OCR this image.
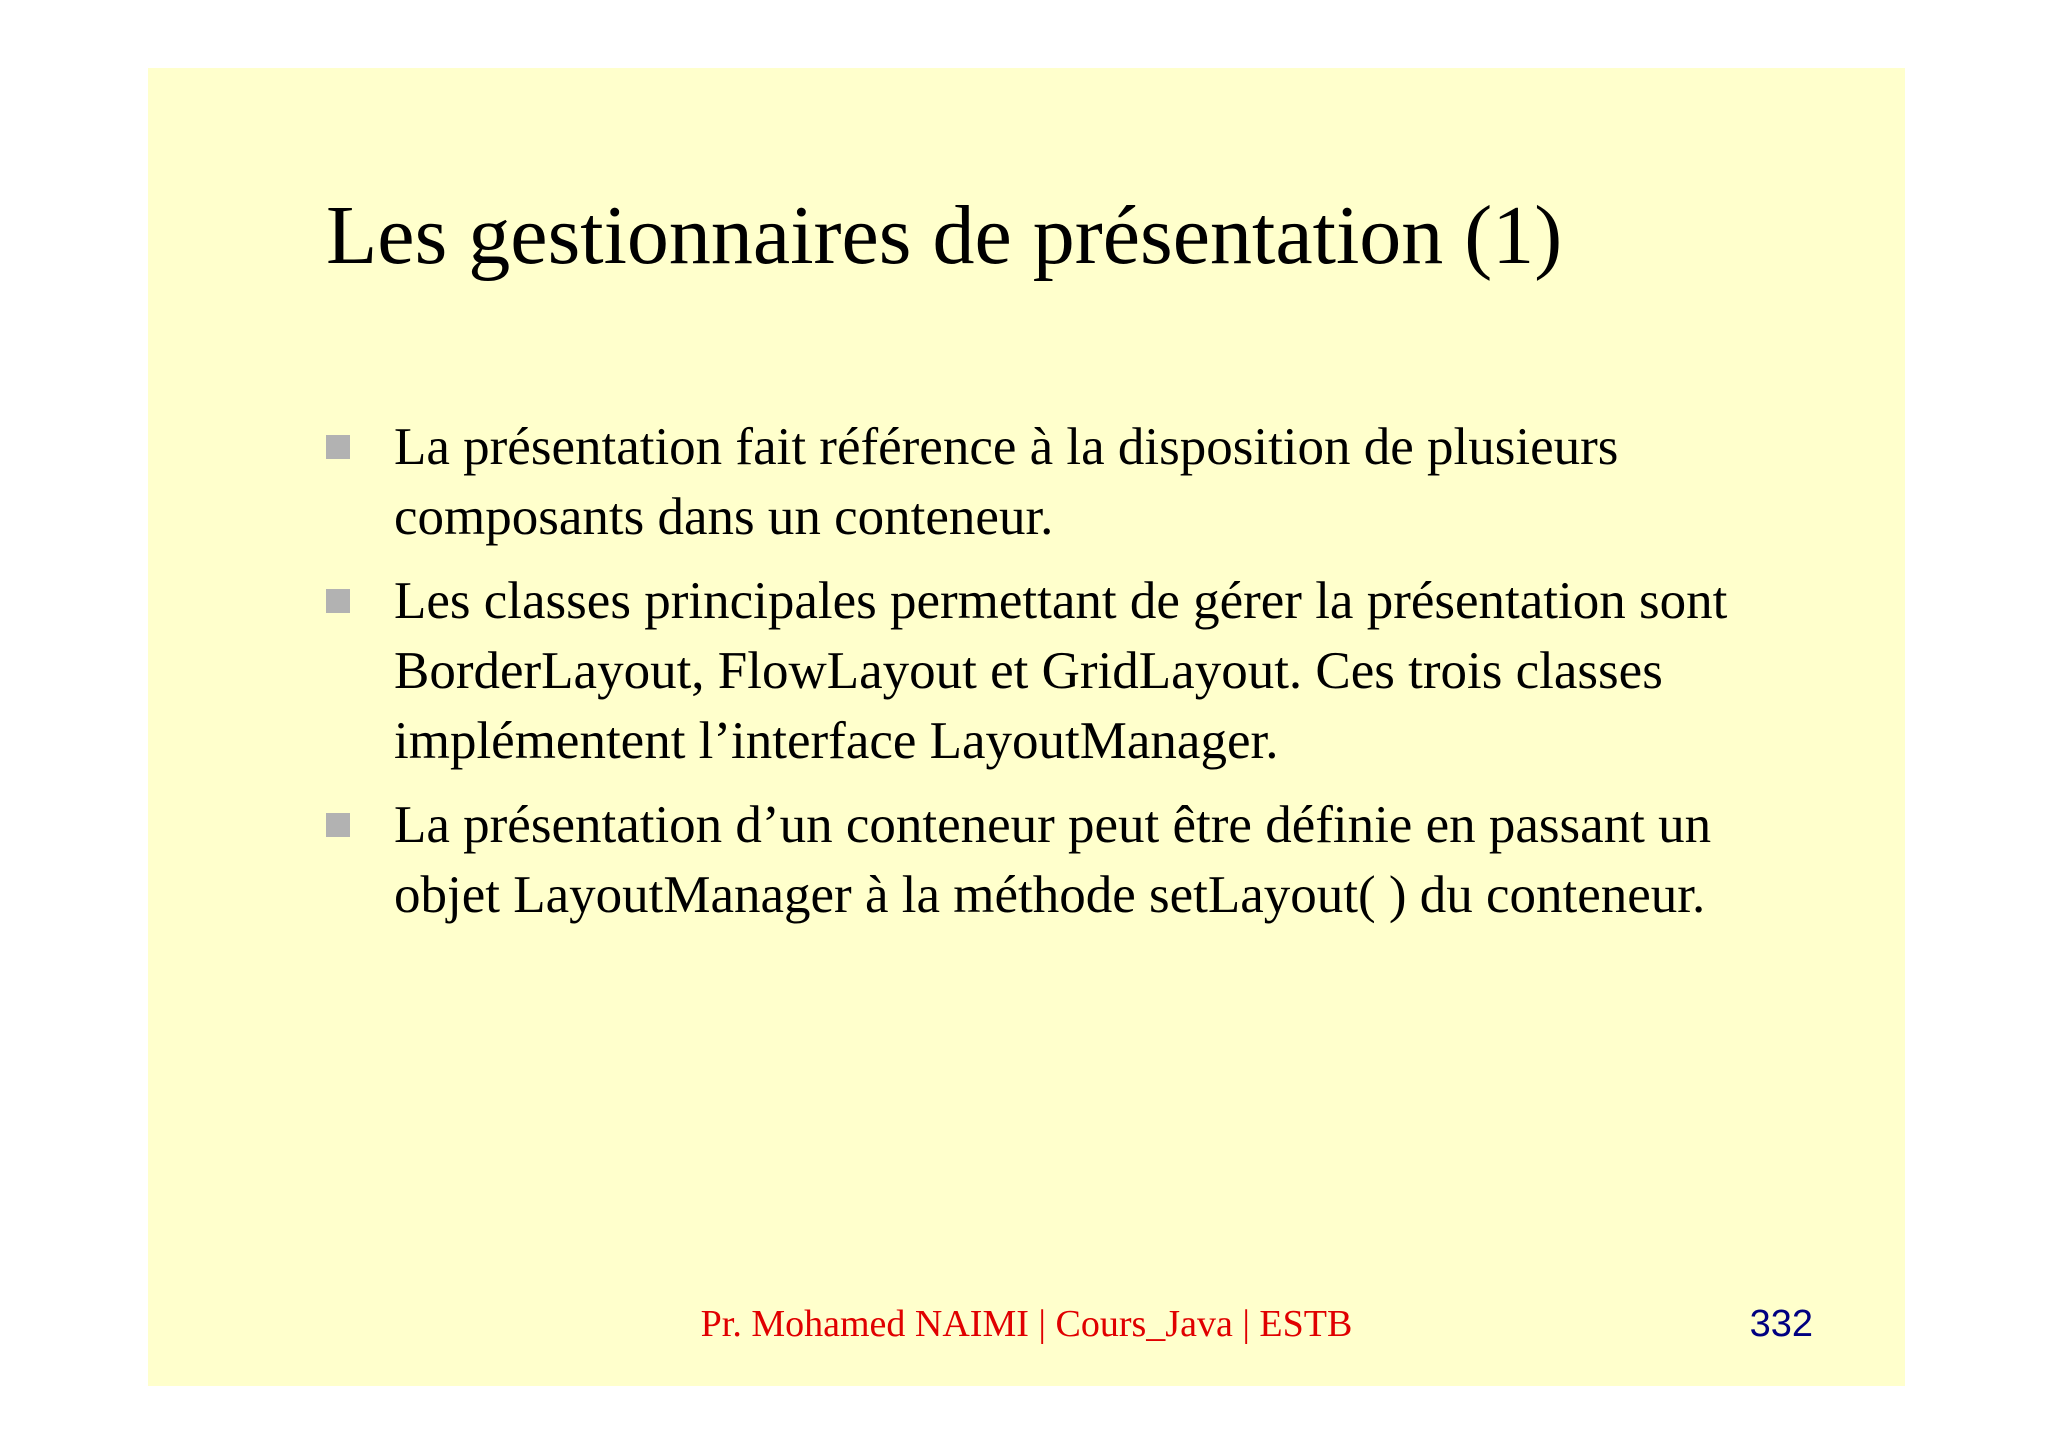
Les gestionnaires de présentation (1)
La présentation fait référence à la disposition de plusieurs composants dans un conteneur.
Les classes principales permettant de gérer la présentation sont BorderLayout, FlowLayout et GridLayout. Ces trois classes implémentent l’interface LayoutManager.
La présentation d’un conteneur peut être définie en passant un objet LayoutManager à la méthode setLayout( ) du conteneur.
Pr. Mohamed NAIMI | Cours_Java | ESTB	332
